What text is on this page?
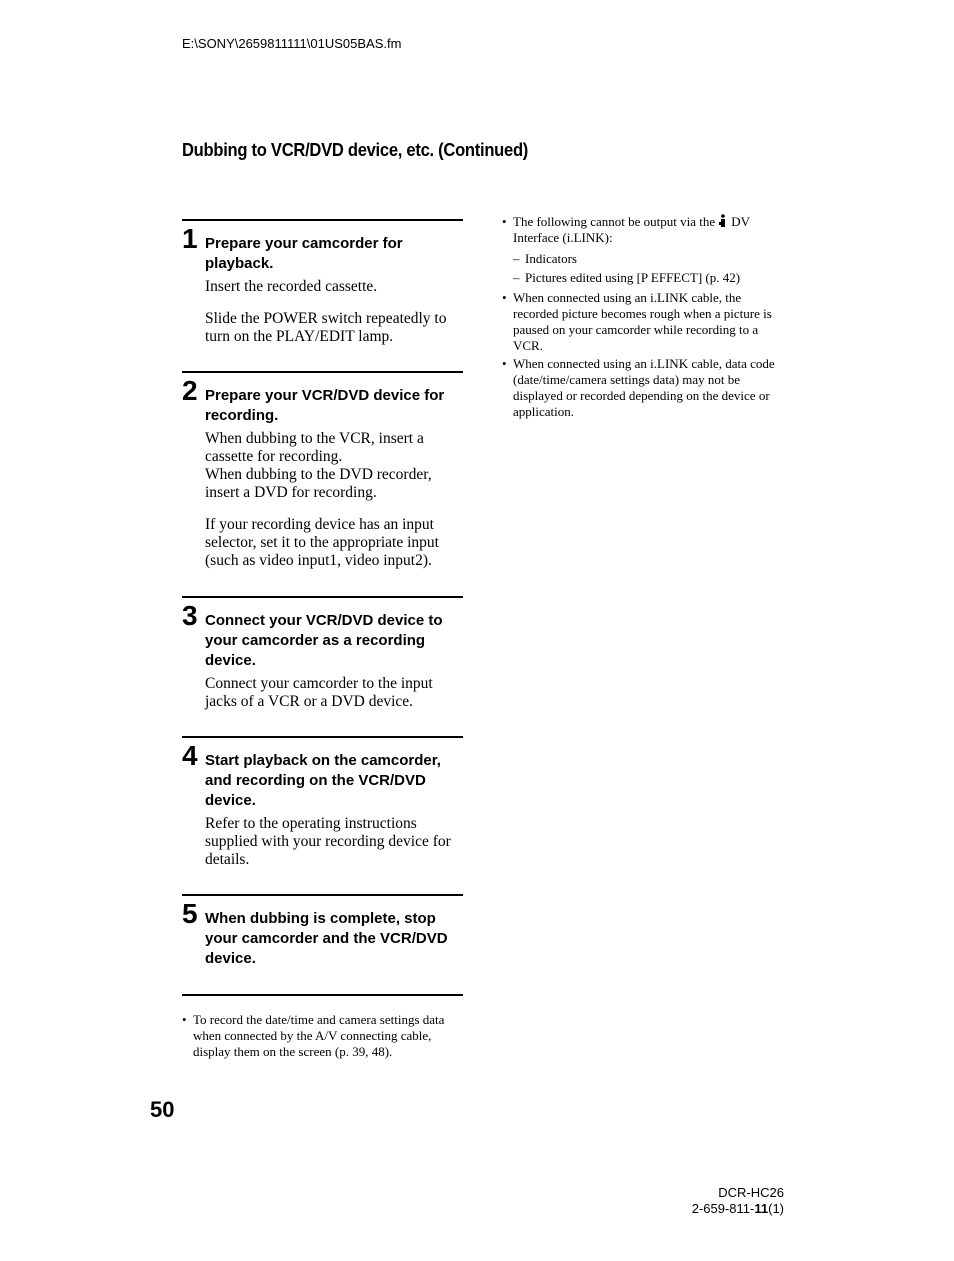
E:\SONY\2659811111\01US05BAS.fm
Dubbing to VCR/DVD device, etc. (Continued)
1 Prepare your camcorder for playback.

Insert the recorded cassette.

Slide the POWER switch repeatedly to turn on the PLAY/EDIT lamp.

2 Prepare your VCR/DVD device for recording.

When dubbing to the VCR, insert a cassette for recording.
When dubbing to the DVD recorder, insert a DVD for recording.

If your recording device has an input selector, set it to the appropriate input (such as video input1, video input2).

3 Connect your VCR/DVD device to your camcorder as a recording device.

Connect your camcorder to the input jacks of a VCR or a DVD device.

4 Start playback on the camcorder, and recording on the VCR/DVD device.

Refer to the operating instructions supplied with your recording device for details.

5 When dubbing is complete, stop your camcorder and the VCR/DVD device.
• To record the date/time and camera settings data when connected by the A/V connecting cable, display them on the screen (p. 39, 48).
• The following cannot be output via the DV Interface (i.LINK):
– Indicators
– Pictures edited using [P EFFECT] (p. 42)
• When connected using an i.LINK cable, the recorded picture becomes rough when a picture is paused on your camcorder while recording to a VCR.
• When connected using an i.LINK cable, data code (date/time/camera settings data) may not be displayed or recorded depending on the device or application.
50
DCR-HC26
2-659-811-11(1)
